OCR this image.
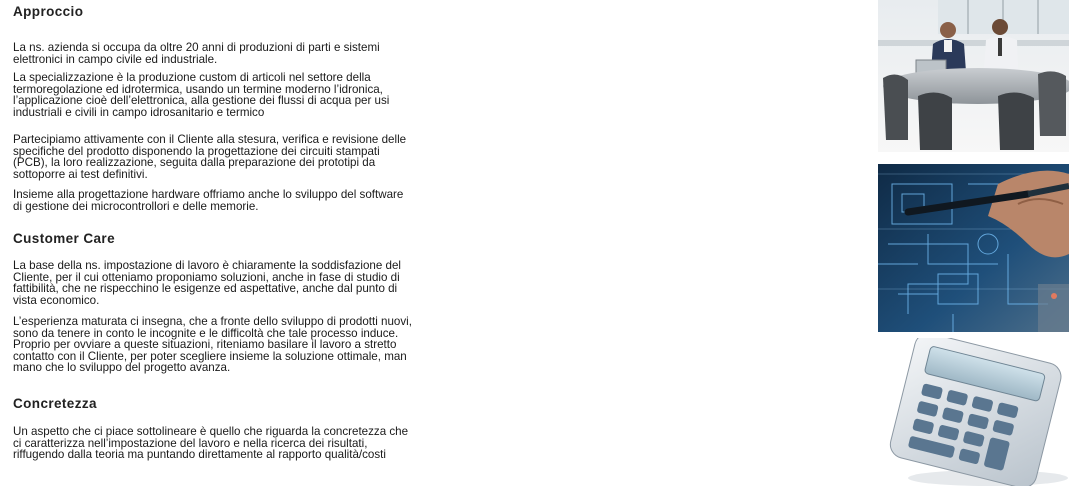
Approccio

La ns. azienda si occupa da oltre 20 anni di produzioni di parti e sistemi
elettronici in campo civile ed industriale.

La specializzazione è la produzione custom di articoli nel settore della
termoregolazione ed idrotermica, usando un termine moderno l’idronica,
l’applicazione cioè dell’elettronica, alla gestione dei flussi di acqua per usi
industriali e civili in campo idrosanitario e termico

Partecipiamo attivamente con il Cliente alla stesura, verifica e revisione delle
specifiche del prodotto disponendo la progettazione dei circuiti stampati
(PCB), la loro realizzazione, seguita dalla preparazione dei prototipi da
sottoporre ai test definitivi.

Insieme alla progettazione hardware offriamo anche lo sviluppo del software
di gestione dei microcontrollori e delle memorie.

Customer Care

La base della ns. impostazione di lavoro è chiaramente la soddisfazione del
Cliente, per il cui otteniamo proponiamo soluzioni, anche in fase di studio di
fattibilità, che ne rispecchino le esigenze ed aspettative, anche dal punto di
vista economico.

L’esperienza maturata ci insegna, che a fronte dello sviluppo di prodotti nuovi,
sono da tenere in conto le incognite e le difficoltà che tale processo induce.
Proprio per ovviare a queste situazioni, riteniamo basilare il lavoro a stretto
contatto con il Cliente, per poter scegliere insieme la soluzione ottimale, man
mano che lo sviluppo del progetto avanza.

Concretezza

Un aspetto che ci piace sottolineare è quello che riguarda la concretezza che
ci caratterizza nell’impostazione del lavoro e nella ricerca dei risultati,
riffugendo dalla teoria ma puntando direttamente al rapporto qualità/costi
